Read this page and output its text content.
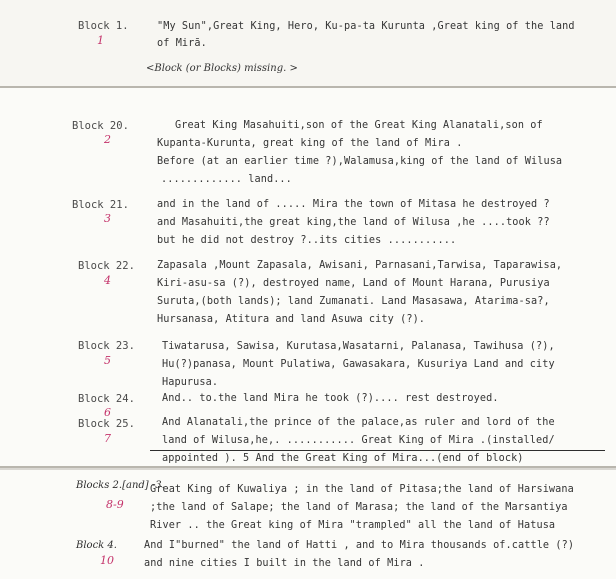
Block 1.
1
"My Sun",Great King, Hero, Ku-pa-ta Kurunta ,Great king of the land
of Mirā.
<Block (or Blocks) missing. >
Block 20.
2
Great King Masahuiti,son of the Great King Alanatali,son of
Kupanta-Kurunta, great king of the land of Mira .
Before (at an earlier time ?),Walamusa,king of the land of Wilusa
............. land...
Block 21.
3
and in the land of ..... Mira the town of Mitasa he destroyed ?
and Masahuiti,the great king,the land of Wilusa ,he ....took ??
but he did not destroy ?..its cities ...........
Block 22.
4
Zapasala ,Mount Zapasala, Awisani, Parnasani,Tarwisa, Taparawisa,
Kiri-asu-sa (?), destroyed name, Land of Mount Harana, Purusiya
Suruta,(both lands); land Zumanati. Land Masasawa, Atarima-sa?,
Hursanasa, Atitura and land Asuwa city (?).
Block 23.
5
Tiwatarusa, Sawisa, Kurutasa,Wasatarni, Palanasa, Tawihusa (?),
Hu(?)panasa, Mount Pulatiwa, Gawasakara, Kusuriya Land and city
Hapurusa.
Block 24.
6
And.. to.the land Mira he took (?).... rest destroyed.
Block 25.
7
And Alanatali,the prince of the palace,as ruler and lord of the
land of Wilusa,he,. ........... Great King of Mira .(installed/
appointed ). 5 And the Great King of Mira...(end of block)
Blocks 2.[and] -3.
8-9
Great King of Kuwaliya ; in the land of Pitasa;the land of Harsiwana
;the land of Salape; the land of Marasa; the land of the Marsantiya
River .. the Great king of Mira "trampled" all the land of Hatusa
Block 4.
10
And I"burned" the land of Hatti , and to Mira thousands of.cattle (?)
and nine cities I built in the land of Mira .
